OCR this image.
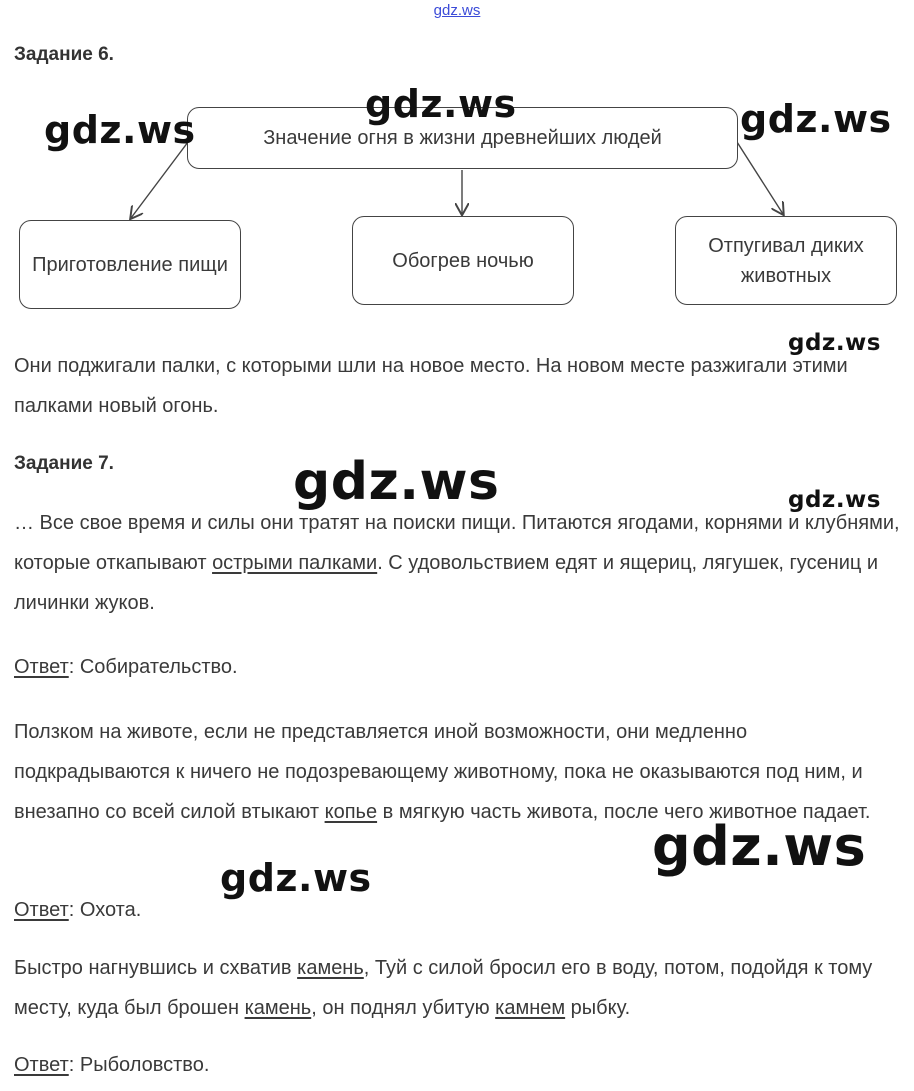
gdz.ws
Задание 6.
Значение огня в жизни древнейших людей
Приготовление пищи	Обогрев ночью
Отпугивал диких животных
Они поджигали палки, с которыми шли на новое место. На новом месте разжигали этими палками новый огонь.
Задание 7.
… Все свое время и силы они тратят на поиски пищи. Питаются ягодами, корнями и клубнями, которые откапывают острыми палками. С удовольствием едят и ящериц, лягушек, гусениц и личинки жуков.
Ответ: Собирательство.
Ползком на животе, если не представляется иной возможности, они медленно подкрадываются к ничего не подозревающему животному, пока не оказываются под ним, и внезапно со всей силой втыкают копье в мягкую часть живота, после чего животное падает.
Ответ: Охота.
Быстро нагнувшись и схватив камень, Туй с силой бросил его в воду, потом, подойдя к тому месту, куда был брошен камень, он поднял убитую камнем рыбку.
Ответ: Рыболовство.
gdz.ws
gdz.ws	gdz.ws
gdz.ws
gdz.ws	gdz.ws
gdz.ws
gdz.ws
